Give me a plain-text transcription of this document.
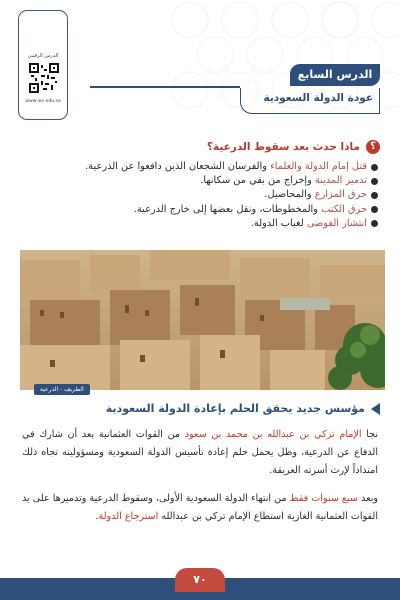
الدرس الرقمي
www.ien.edu.sa
الدرس السابع
عودة الدولة السعودية
؟
ماذا حدث بعد سقوط الدرعية؟
قتل إمام الدولة والعلماء والفرسان الشجعان الذين دافعوا عن الدرعية.
تدمير المدينة وإخراج من بقي من سكانها.
حرق المزارع والمحاصيل.
حرق الكتب والمخطوطات، ونقل بعضها إلى خارج الدرعية.
انتشار الفوضى لغياب الدولة.
الطريف - الدرعية
مؤسس جديد يحقق الحلم بإعادة الدولة السعودية

نجا الإمام تركي بن عبدالله بن محمد بن سعود من القوات العثمانية بعد أن شارك في الدفاع عن الدرعية، وظل يحمل حلم إعادة تأسيس الدولة السعودية ومسؤوليته تجاه ذلك امتداداً لإرث أسرته العريقة.

وبعد سبع سنوات فقط من انتهاء الدولة السعودية الأولى، وسقوط الدرعية وتدميرها على يد القوات العثمانية الغازية استطاع الإمام تركي بن عبدالله استرجاع الدولة.

٧٠
